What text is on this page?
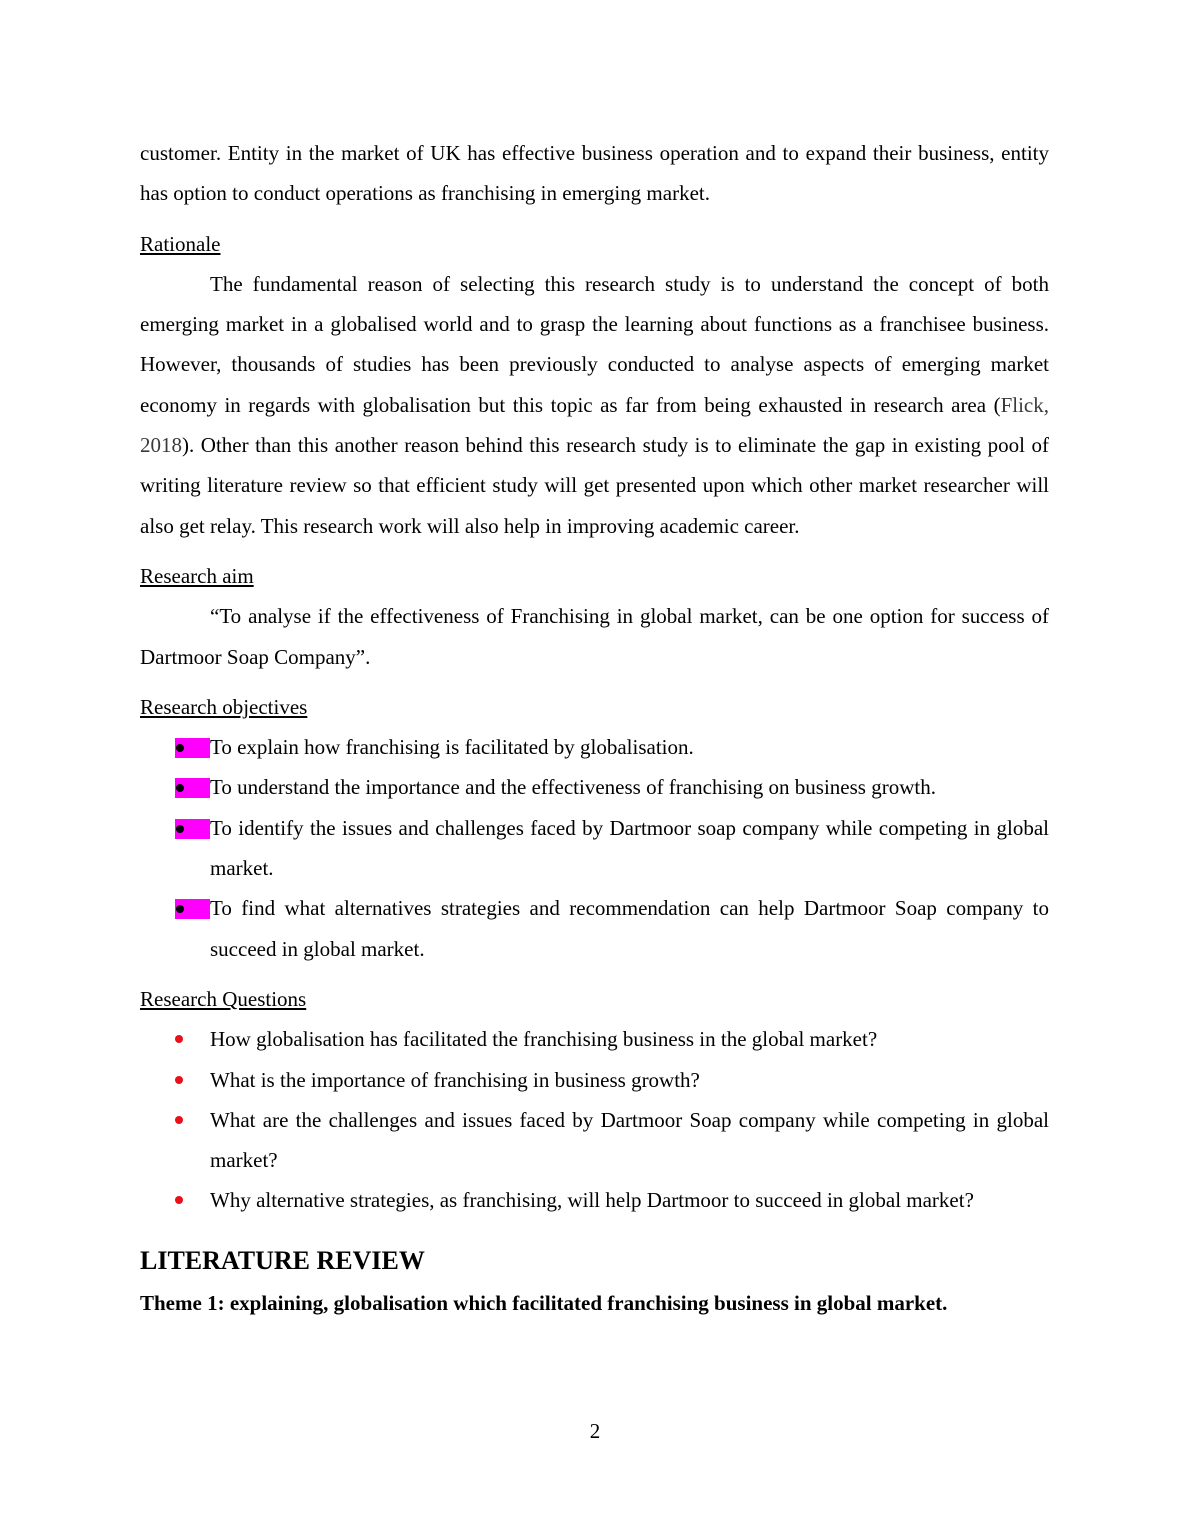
customer. Entity in the market of UK has effective business operation and to expand their business, entity has option to conduct operations as franchising in emerging market.

Rationale

The fundamental reason of selecting this research study is to understand the concept of both emerging market in a globalised world and to grasp the learning about functions as a franchisee business. However, thousands of studies has been previously conducted to analyse aspects of emerging market economy in regards with globalisation but this topic as far from being exhausted in research area (Flick, 2018). Other than this another reason behind this research study is to eliminate the gap in existing pool of writing literature review so that efficient study will get presented upon which other market researcher will also get relay. This research work will also help in improving academic career.

Research aim

“To analyse if the effectiveness of Franchising in global market, can be one option for success of Dartmoor Soap Company”.

Research objectives
To explain how franchising is facilitated by globalisation.
To understand the importance and the effectiveness of franchising on business growth.
To identify the issues and challenges faced by Dartmoor soap company while competing in global market.
To find what alternatives strategies and recommendation can help Dartmoor Soap company to succeed in global market.
Research Questions
How globalisation has facilitated the franchising business in the global market?
What is the importance of franchising in business growth?
What are the challenges and issues faced by Dartmoor Soap company while competing in global market?
Why alternative strategies, as franchising, will help Dartmoor to succeed in global market?
LITERATURE REVIEW
Theme 1: explaining, globalisation which facilitated franchising business in global market.
2
